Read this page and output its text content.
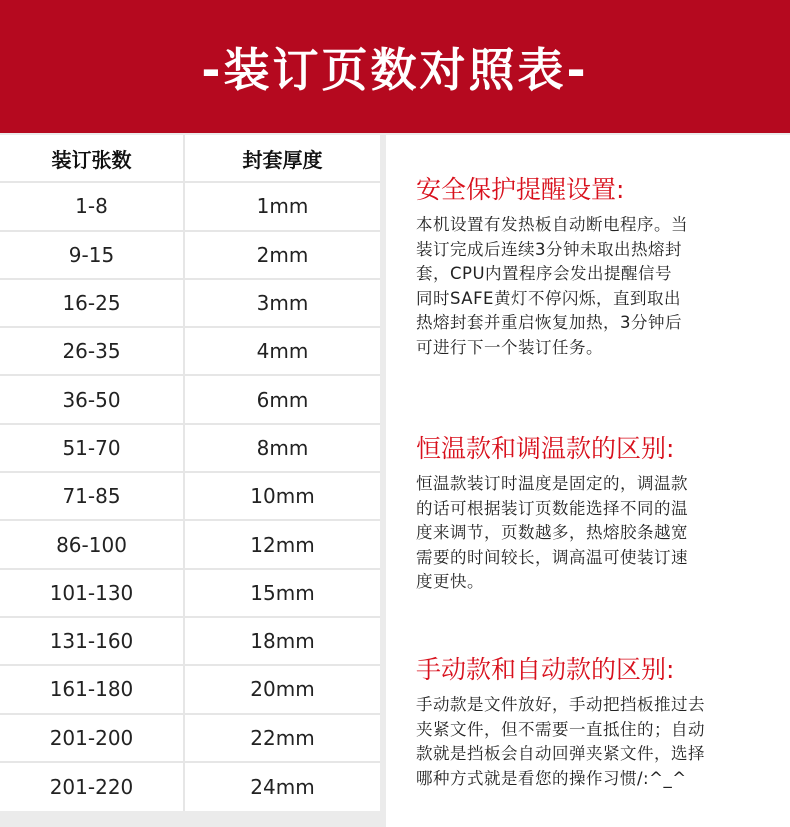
-装订页数对照表-
装订张数	封套厚度
1-8	1mm
9-15	2mm
16-25	3mm
26-35	4mm
36-50	6mm
51-70	8mm
71-85	10mm
86-100	12mm
101-130	15mm
131-160	18mm
161-180	20mm
201-200	22mm
201-220	24mm
安全保护提醒设置:

本机设置有发热板自动断电程序。当
装订完成后连续3分钟未取出热熔封
套，CPU内置程序会发出提醒信号
同时SAFE黄灯不停闪烁，直到取出
热熔封套并重启恢复加热，3分钟后
可进行下一个装订任务。

恒温款和调温款的区别:

恒温款装订时温度是固定的，调温款
的话可根据装订页数能选择不同的温
度来调节，页数越多，热熔胶条越宽
需要的时间较长，调高温可使装订速
度更快。

手动款和自动款的区别:

手动款是文件放好，手动把挡板推过去
夹紧文件，但不需要一直抵住的；自动
款就是挡板会自动回弹夹紧文件，选择
哪种方式就是看您的操作习惯/:^_^
